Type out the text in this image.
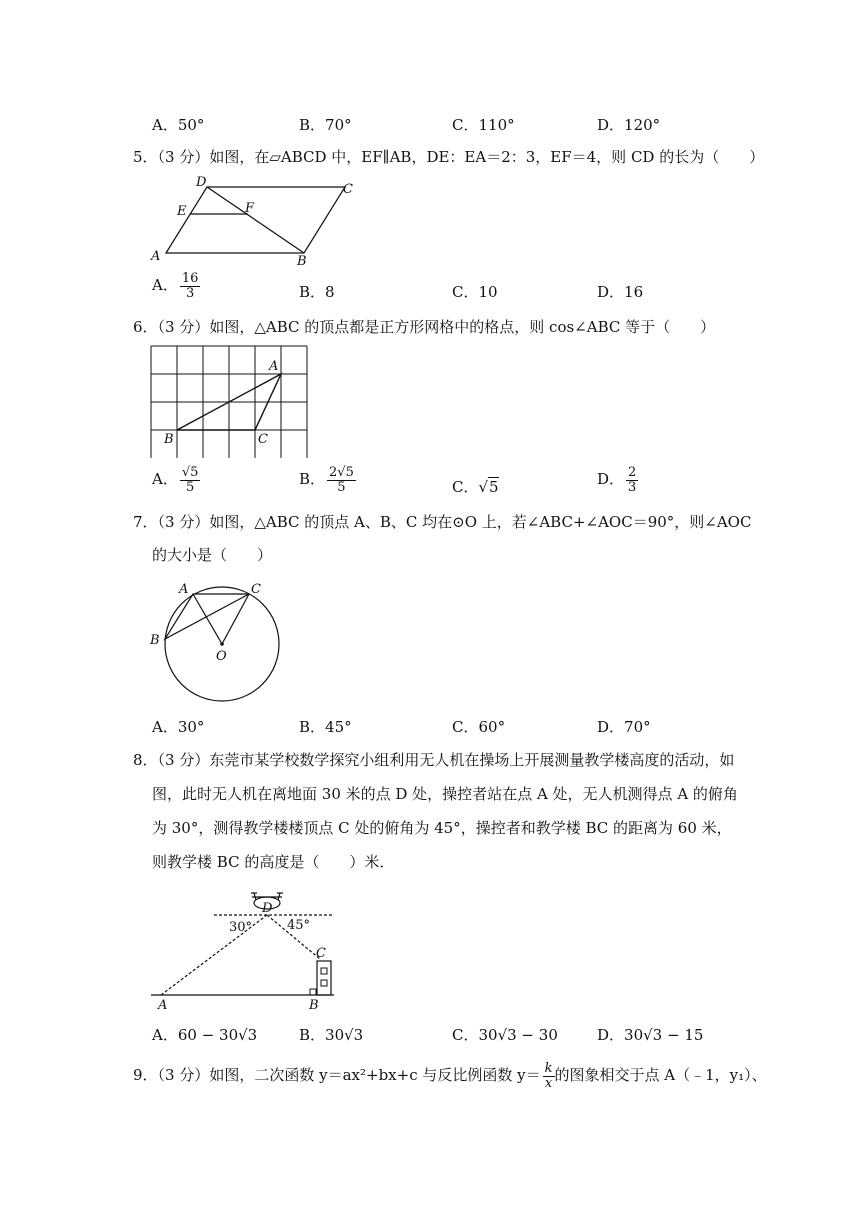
A．50°	B．70°	C．110°	D．120°
5．（3 分）如图，在▱ABCD 中，EF∥AB，DE：EA＝2：3，EF＝4，则 CD 的长为（　　）
D	C
E	F
A	B
A． $\frac{16}{3}$	B．8	C．10	D．16
6．（3 分）如图，△ABC 的顶点都是正方形网格中的格点，则 cos∠ABC 等于（　　）
A
B	C
A． $\frac{√5}{5}$	B． $\frac{2√5}{5}$	C．√5	D． $\frac{2}{3}$
7．（3 分）如图，△ABC 的顶点 A、B、C 均在⊙O 上，若∠ABC+∠AOC＝90°，则∠AOC
的大小是（　　）
A	C
B
O
A．30°	B．45°	C．60°	D．70°
8．（3 分）东莞市某学校数学探究小组利用无人机在操场上开展测量教学楼高度的活动，如
图，此时无人机在离地面 30 米的点 D 处，操控者站在点 A 处，无人机测得点 A 的俯角
为 30°，测得教学楼楼顶点 C 处的俯角为 45°，操控者和教学楼 BC 的距离为 60 米，
则教学楼 BC 的高度是（　　）米．
D
30°	45°
C
A	B
A．60 − 30√3	B．30√3	C．30√3 − 30	D．30√3 − 15
9．（3 分）如图，二次函数 y＝ax²+bx+c 与反比例函数 $y= \frac{k}{x}$ 的图象相交于点 A（﹣1，y₁）、
